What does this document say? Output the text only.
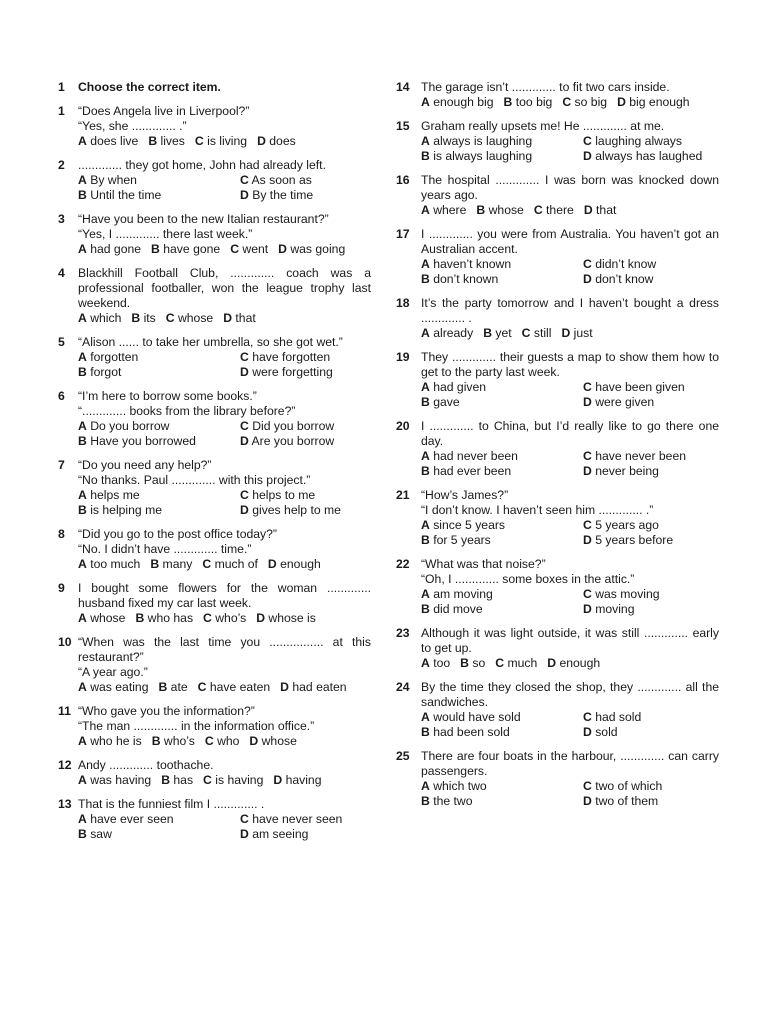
1	Choose the correct item.
1	“Does Angela live in Liverpool?”
“Yes, she ............. .”
A does live B lives C is living D does
2	............. they got home, John had already left.
A By when	C As soon as
B Until the time	D By the time
3	“Have you been to the new Italian restaurant?”
“Yes, I ............. there last week.”
A had gone B have gone C went D was going
4	Blackhill Football Club, ............. coach was a professional footballer, won the league trophy last weekend.
A which B its C whose D that
5	“Alison ...... to take her umbrella, so she got wet.”
A forgotten	C have forgotten
B forgot	D were forgetting
6	“I’m here to borrow some books.”
“............. books from the library before?”
A Do you borrow	C Did you borrow
B Have you borrowed	D Are you borrow
7	“Do you need any help?”
“No thanks. Paul ............. with this project.”
A helps me	C helps to me
B is helping me	D gives help to me
8	“Did you go to the post office today?”
“No. I didn’t have ............. time.”
A too much B many C much of D enough
9	I bought some flowers for the woman ............. husband fixed my car last week.
A whose B who has C who’s D whose is
10 “When was the last time you ................ at this restaurant?”
“A year ago.”
A was eating B ate C have eaten D had eaten
11 “Who gave you the information?”
“The man ............. in the information office.”
A who he is B who’s C who D whose
12 Andy ............. toothache.
A was having B has C is having D having
13 That is the funniest film I ............. .
A have ever seen	C have never seen
B saw	D am seeing
14 The garage isn’t ............. to fit two cars inside.
A enough big B too big C so big D big enough
15 Graham really upsets me! He ............. at me.
A always is laughing	C laughing always
B is always laughing	D always has laughed
16 The hospital ............. I was born was knocked down years ago.
A where B whose C there D that
17 I ............. you were from Australia. You haven’t got an Australian accent.
A haven’t known	C didn’t know
B don’t known	D don’t know
18 It’s the party tomorrow and I haven’t bought a dress ............. .
A already B yet C still D just
19 They ............. their guests a map to show them how to get to the party last week.
A had given	C have been given
B gave	D were given
20 I ............. to China, but I’d really like to go there one day.
A had never been	C have never been
B had ever been	D never being
21 “How’s James?”
“I don’t know. I haven’t seen him ............. .”
A since 5 years	C 5 years ago
B for 5 years	D 5 years before
22 “What was that noise?”
“Oh, I ............. some boxes in the attic.”
A am moving	C was moving
B did move	D moving
23 Although it was light outside, it was still ............. early to get up.
A too B so C much D enough
24 By the time they closed the shop, they ............. all the sandwiches.
A would have sold	C had sold
B had been sold	D sold
25 There are four boats in the harbour, ............. can carry passengers.
A which two	C two of which
B the two	D two of them
